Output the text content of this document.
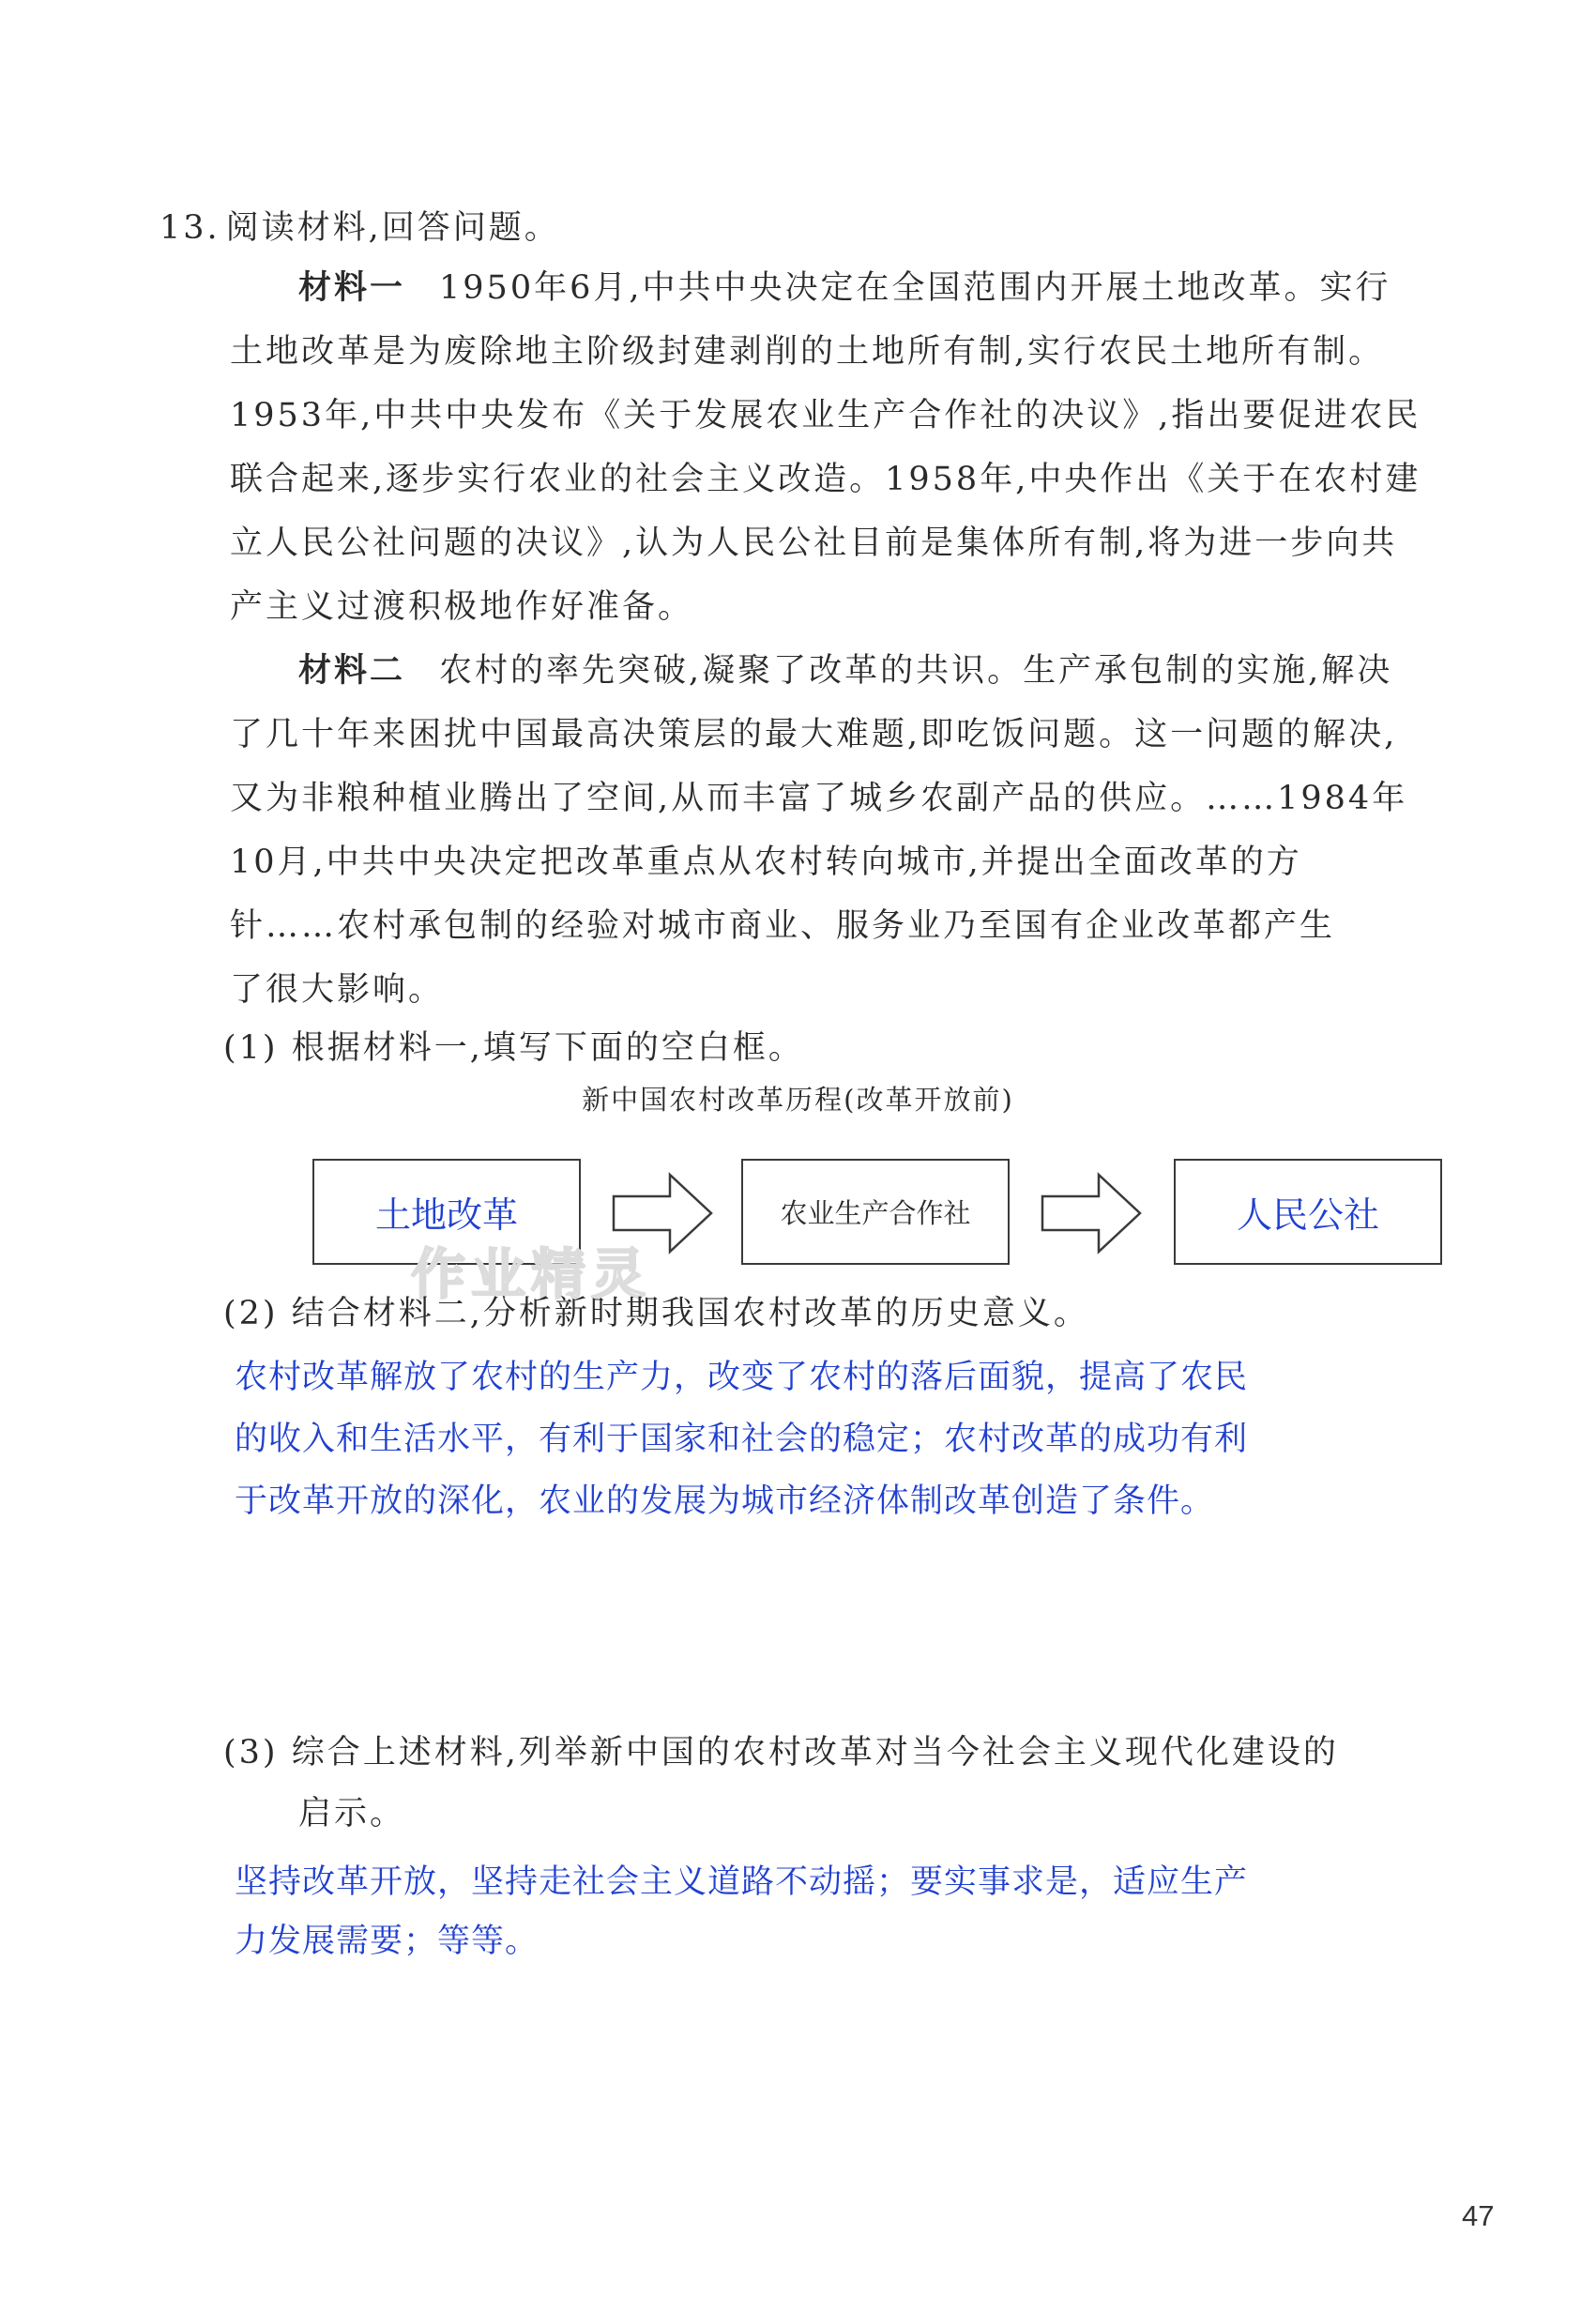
13. 阅读材料,回答问题。
材料一 1950年6月,中共中央决定在全国范围内开展土地改革。实行
土地改革是为废除地主阶级封建剥削的土地所有制,实行农民土地所有制。
1953年,中共中央发布《关于发展农业生产合作社的决议》,指出要促进农民
联合起来,逐步实行农业的社会主义改造。1958年,中央作出《关于在农村建
立人民公社问题的决议》,认为人民公社目前是集体所有制,将为进一步向共
产主义过渡积极地作好准备。
材料二 农村的率先突破,凝聚了改革的共识。生产承包制的实施,解决
了几十年来困扰中国最高决策层的最大难题,即吃饭问题。这一问题的解决,
又为非粮种植业腾出了空间,从而丰富了城乡农副产品的供应。……1984年
10月,中共中央决定把改革重点从农村转向城市,并提出全面改革的方
针……农村承包制的经验对城市商业、服务业乃至国有企业改革都产生
了很大影响。
(1) 根据材料一,填写下面的空白框。
新中国农村改革历程(改革开放前)
土地改革	农业生产合作社	人民公社
作业精灵
(2) 结合材料二,分析新时期我国农村改革的历史意义。
农村改革解放了农村的生产力，改变了农村的落后面貌，提高了农民
的收入和生活水平，有利于国家和社会的稳定；农村改革的成功有利
于改革开放的深化，农业的发展为城市经济体制改革创造了条件。
(3) 综合上述材料,列举新中国的农村改革对当今社会主义现代化建设的
启示。
坚持改革开放，坚持走社会主义道路不动摇；要实事求是，适应生产
力发展需要；等等。
47
